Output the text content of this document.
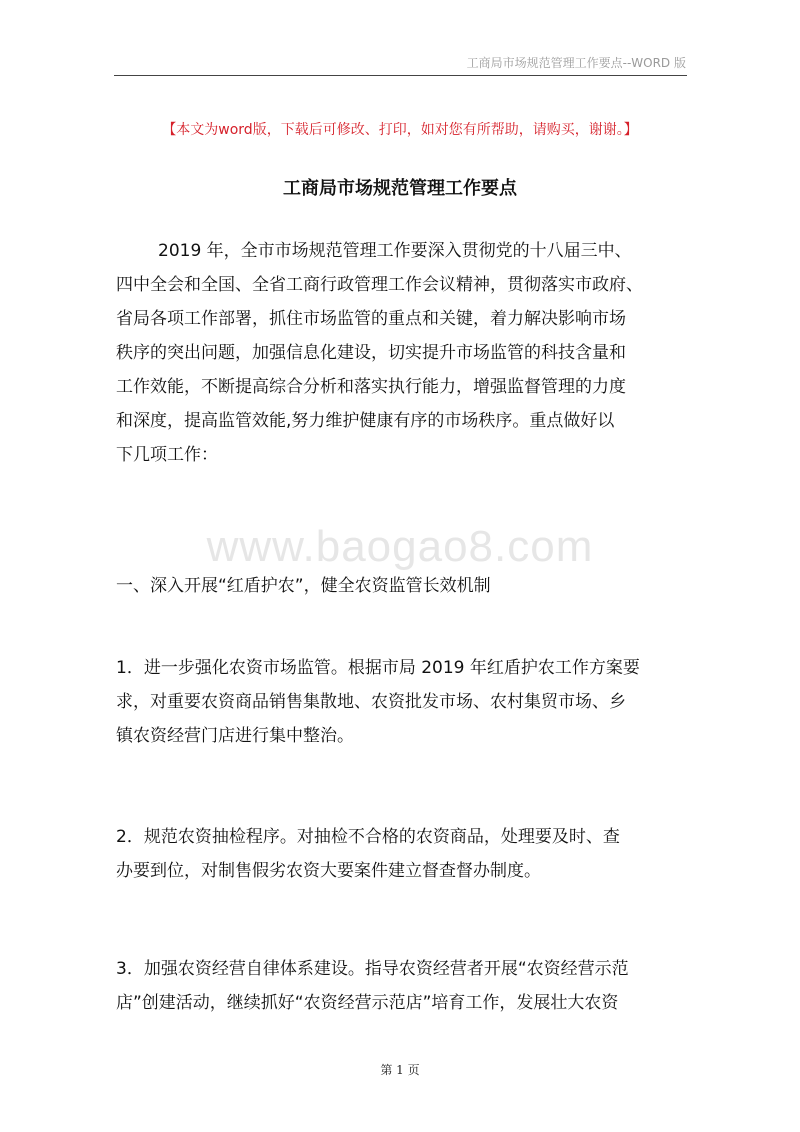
工商局市场规范管理工作要点--WORD 版
【本文为word版，下载后可修改、打印，如对您有所帮助，请购买，谢谢。】
工商局市场规范管理工作要点
2019 年，全市市场规范管理工作要深入贯彻党的十八届三中、
四中全会和全国、全省工商行政管理工作会议精神，贯彻落实市政府、
省局各项工作部署，抓住市场监管的重点和关键，着力解决影响市场
秩序的突出问题，加强信息化建设，切实提升市场监管的科技含量和
工作效能，不断提高综合分析和落实执行能力，增强监督管理的力度
和深度，提高监管效能,努力维护健康有序的市场秩序。重点做好以
下几项工作：
www.baogao8.com
一、深入开展“红盾护农”，健全农资监管长效机制
1．进一步强化农资市场监管。根据市局 2019 年红盾护农工作方案要
求，对重要农资商品销售集散地、农资批发市场、农村集贸市场、乡
镇农资经营门店进行集中整治。
2．规范农资抽检程序。对抽检不合格的农资商品，处理要及时、查
办要到位，对制售假劣农资大要案件建立督查督办制度。
3．加强农资经营自律体系建设。指导农资经营者开展“农资经营示范
店”创建活动，继续抓好“农资经营示范店”培育工作，发展壮大农资
第 1 页
